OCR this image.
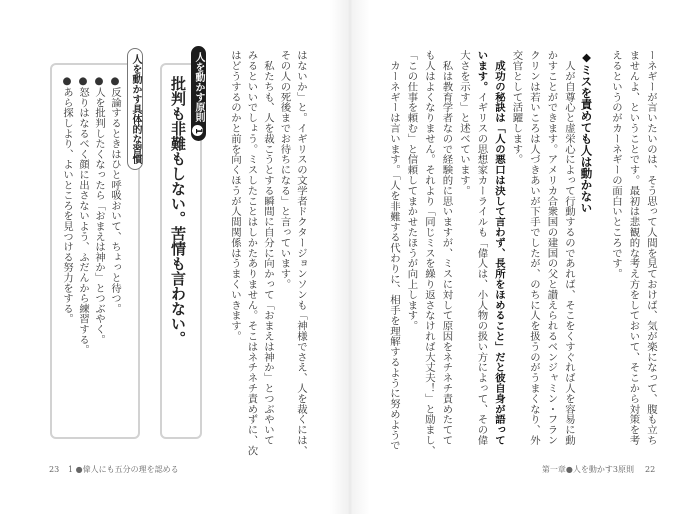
ーネギーが言いたいのは、そう思って人間を見ておけば、気が楽になって、腹も立ち
ませんよ、ということです。最初は悲観的な考え方をしておいて、そこから対策を考
えるというのがカーネギーの面白いところです。
◆ミスを責めても人は動かない
　人が自尊心と虚栄心によって行動するのであれば、そこをくすぐれば人を容易に動
かすことができます。アメリカ合衆国の建国の父と讃えられるベンジャミン・フラン
クリンは若いころは人づきあいが下手でしたが、のちに人を扱うのがうまくなり、外
交官として活躍します。
　成功の秘訣は「人の悪口は決して言わず、長所をほめること」だと彼自身が語って
います。イギリスの思想家カーライルも「偉人は、小人物の扱い方によって、その偉
大さを示す」と述べています。
　私は教育学者なので経験的に思いますが、ミスに対して原因をネチネチ責めたてて
も人はよくなりません。それより「同じミスを繰り返さなければ大丈夫！」と励まし、
「この仕事を頼む」と信頼してまかせたほうが向上します。
　カーネギーは言います。「人を非難する代わりに、相手を理解するように努めようで
はないか」と。イギリスの文学者ドクタージョンソンも「神様でさえ、人を裁くには、
その人の死後までお待ちになる」と言っています。
　私たちも、人を裁こうとする瞬間に自分に向かって「おまえは神か」とつぶやいて
みるといいでしょう。ミスしたことはしかたありません。そこはネチネチ責めずに、次
はどうするのかと前を向くほうが人間関係はうまくいきます。
批判も非難もしない。苦情も言わない。 人を動かす原則1
人を動かす具体的な習慣
●反論するときはひと呼吸おいて、ちょっと待つ。
●人を批判したくなったら「おまえは神か」とつぶやく。
●怒りはなるべく顔に出さないよう、ふだんから練習する。
●あら探しより、よいところを見つける努力をする。
23 1 ●偉人にも五分の理を認める	第一章●人を動かす3原則 22
